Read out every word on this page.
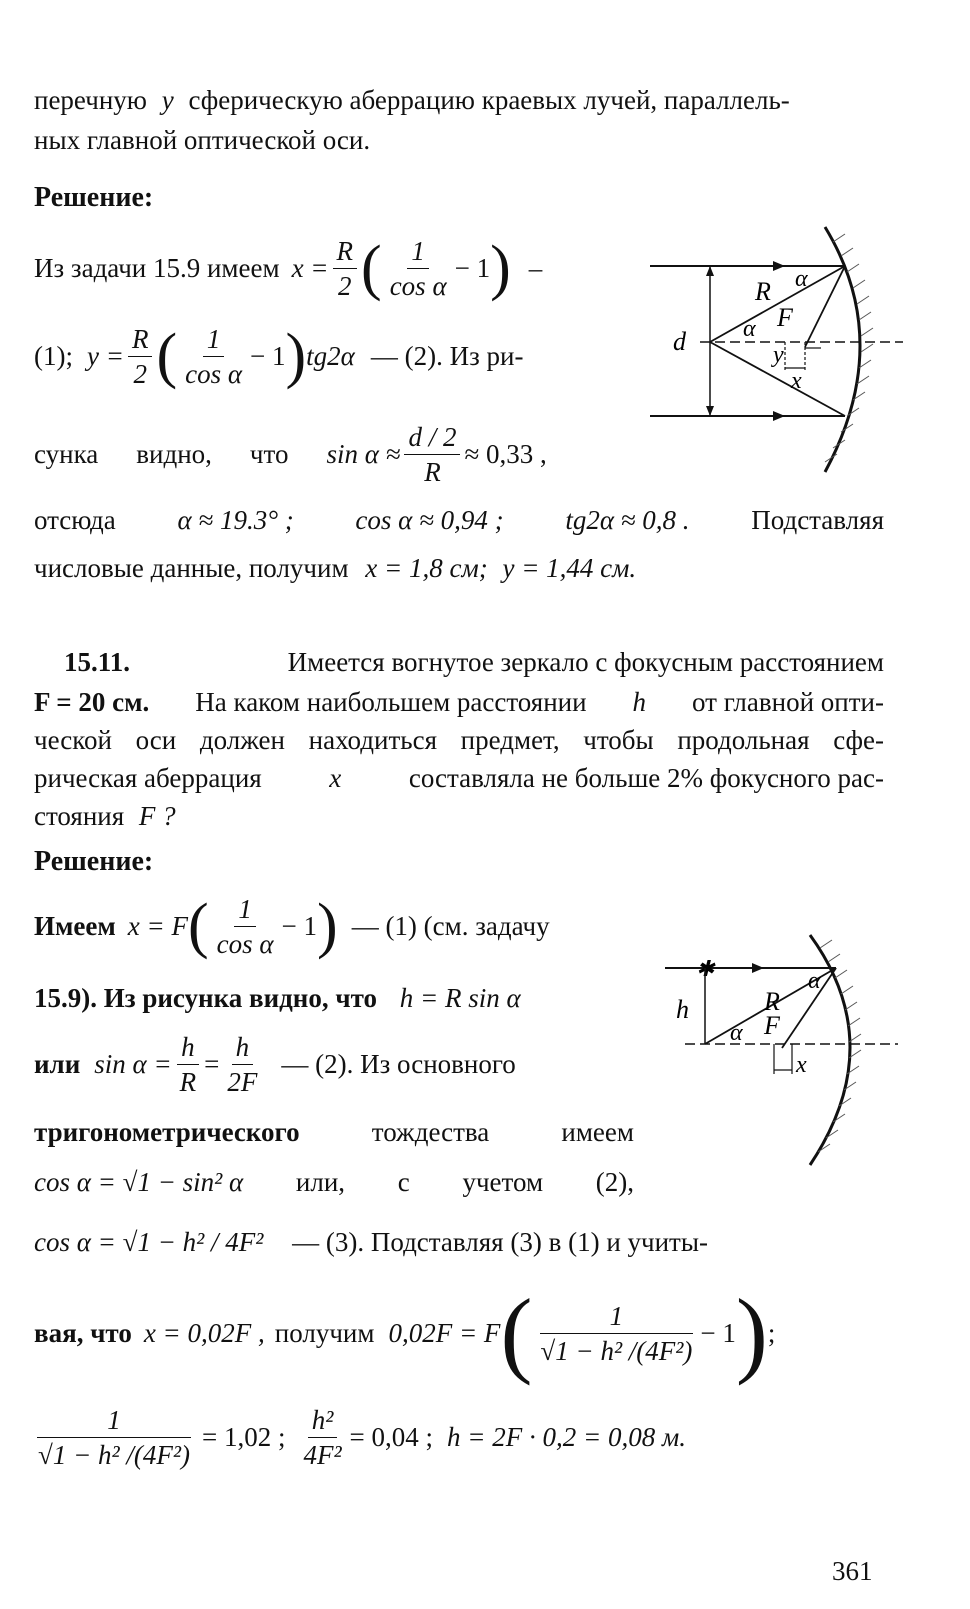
перечную y сферическую аберрацию краевых лучей, параллель-
ных главной оптической оси.
Решение:
Из задачи 15.9 имеем $x = \frac{R}{2}$ ( $\frac{1}{\text{cos α}} - 1$ ) –
(1); $y = \frac{R}{2}$ ( $\frac{1}{\text{cos α}} - 1$ ) tg2α — (2). Из ри-
сунка видно, что $\sin \alpha \approx \frac{d / 2}{R} \approx 0,33$ ,
отсюда α ≈ 19.3° ; cos α ≈ 0,94 ; tg2α ≈ 0,8 . Подставляя
числовые данные, получим x = 1,8 см; y = 1,44 см.
d
R α
α F
y
x
15.11.	Имеется вогнутое зеркало с фокусным расстоянием
F = 20 см. На каком наибольшем расстоянии h от главной опти-
ческой оси должен находиться предмет, чтобы продольная сфе-
рическая аберрация	x	составляла не больше 2% фокусного рас-
стояния F ?
Решение:
Имеем x = F ( $\frac{1}{\text{cos α}} - 1$ ) — (1) (см. задачу
15.9). Из рисунка видно, что h = R sin α
или $\sin \alpha = \frac{h}{R} = \frac{h}{2F}$ — (2). Из основного
тригонометрического	тождества	имеем
cos α = √1 − sin² α или, с учетом (2),
cos α = √1 − h² / 4F² — (3). Подставляя (3) в (1) и учиты-
вая, что x = 0,02F , получим 0,02F = F ( $\frac{1}{\text{√1 − h² /(4F²)}} - 1$ ) ;
$\frac{1}{\text{√1 − h² /(4F²)}} = 1,02$ ; $\frac{\text{h²}}{\text{4F²}} = 0,04$ ; h = 2F · 0,2 = 0,08 м.
✱
h	R
α
α F
x
361
